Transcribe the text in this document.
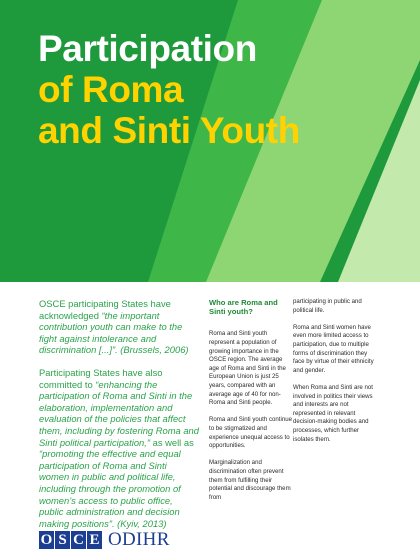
Participation
of Roma
and Sinti Youth

OSCE participating States have acknowledged “the important contribution youth can make to the fight against intolerance and discrimination [...]”. (Brussels, 2006)

Participating States have also committed to “enhancing the participation of Roma and Sinti in the elaboration, implementation and evaluation of the policies that affect them, including by fostering Roma and Sinti political participation,” as well as “promoting the effective and equal participation of Roma and Sinti women in public and political life, including through the promotion of women’s access to public office, public administration and decision making positions”. (Kyiv, 2013)

Who are Roma and Sinti youth?

Roma and Sinti youth represent a population of growing importance in the OSCE region. The average age of Roma and Sinti in the European Union is just 25 years, compared with an average age of 40 for non-Roma and Sinti people.

Roma and Sinti youth continue to be stigmatized and experience unequal access to opportunities.

Marginalization and discrimination often prevent them from fulfilling their potential and discourage them from

participating in public and political life.

Roma and Sinti women have even more limited access to participation, due to multiple forms of discrimination they face by virtue of their ethnicity and gender.

When Roma and Sinti are not involved in politics their views and interests are not represented in relevant decision-making bodies and processes, which further isolates them.

O S C E ODIHR
